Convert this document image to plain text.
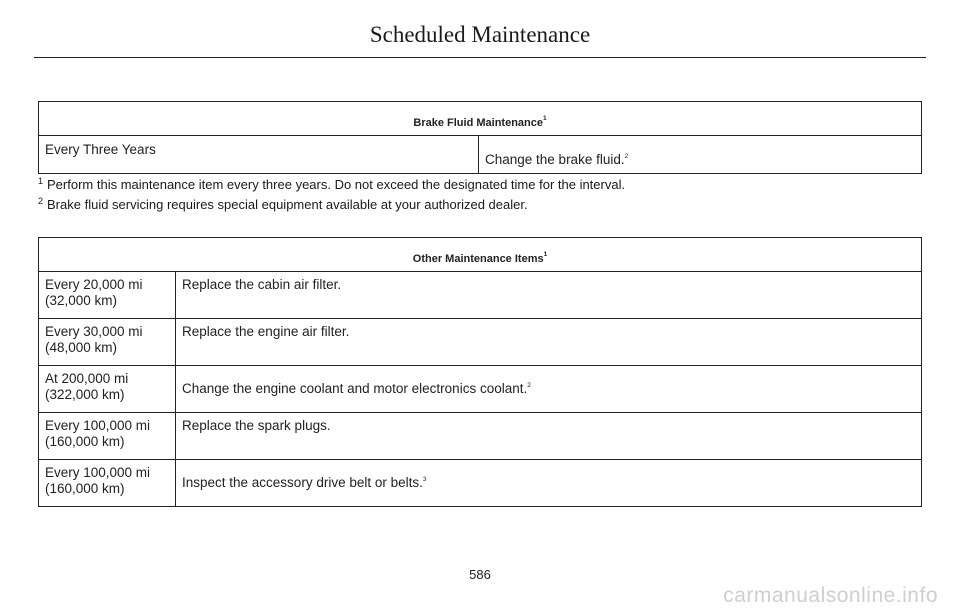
Scheduled Maintenance
Brake Fluid Maintenance$^1$
Every Three Years	Change the brake fluid.$^2$
$^1$ Perform this maintenance item every three years. Do not exceed the designated time for the interval.
$^2$ Brake fluid servicing requires special equipment available at your authorized dealer.
Other Maintenance Items$^1$
Every 20,000 mi
(32,000 km)	Replace the cabin air filter.
Every 30,000 mi
(48,000 km)	Replace the engine air filter.
At 200,000 mi
(322,000 km)	Change the engine coolant and motor electronics coolant.$^2$
Every 100,000 mi
(160,000 km)	Replace the spark plugs.
Every 100,000 mi
(160,000 km)	Inspect the accessory drive belt or belts.$^3$
586
carmanualsonline.info
